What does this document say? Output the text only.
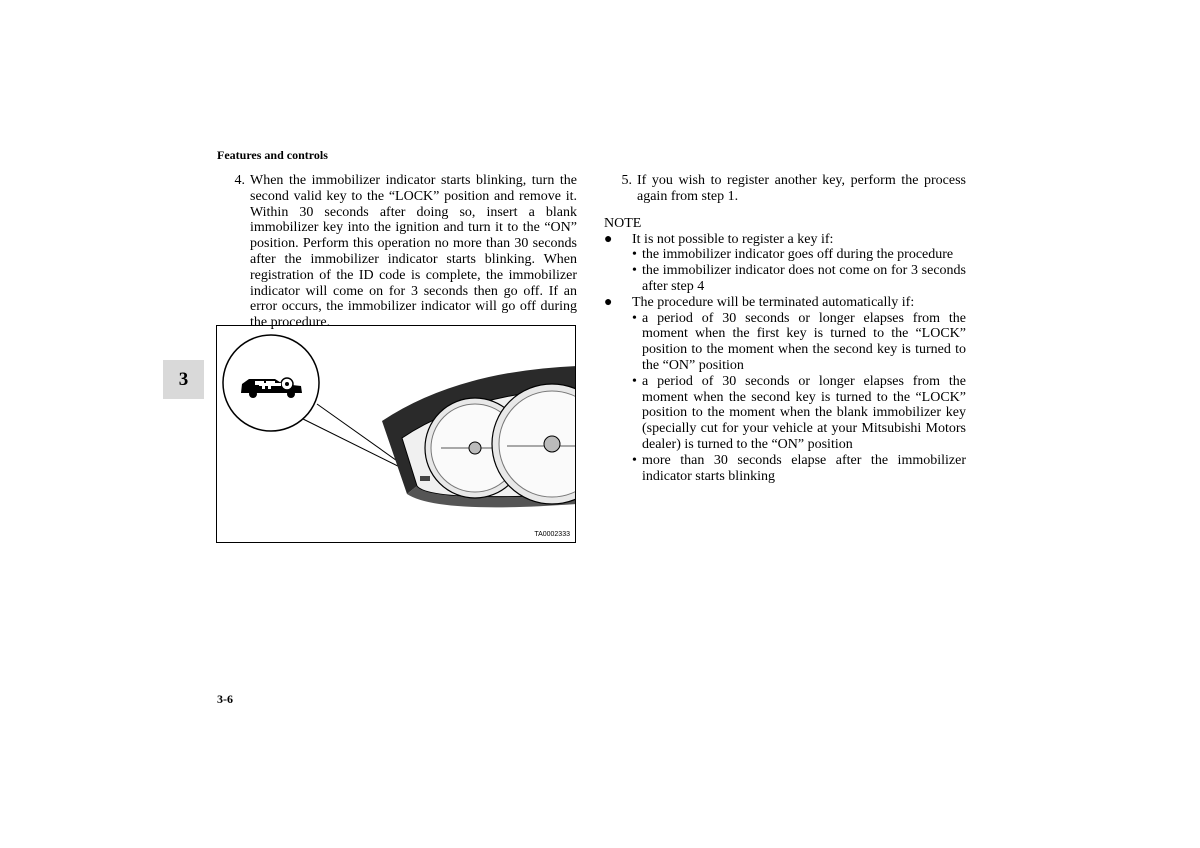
Features and controls
3
4. When the immobilizer indicator starts blinking, turn the second valid key to the “LOCK” position and remove it. Within 30 seconds after doing so, insert a blank immobilizer key into the ignition and turn it to the “ON” position. Perform this operation no more than 30 seconds after the immobilizer indicator starts blinking. When registration of the ID code is complete, the immobilizer indicator will come on for 3 seconds then go off. If an error occurs, the immobilizer indicator will go off during the procedure.
TA0002333
5. If you wish to register another key, perform the process again from step 1.
NOTE
●	It is not possible to register a key if:
• the immobilizer indicator goes off during the procedure
• the immobilizer indicator does not come on for 3 seconds after step 4
●	The procedure will be terminated automatically if:
• a period of 30 seconds or longer elapses from the moment when the first key is turned to the “LOCK” position to the moment when the second key is turned to the “ON” position
• a period of 30 seconds or longer elapses from the moment when the second key is turned to the “LOCK” position to the moment when the blank immobilizer key (specially cut for your vehicle at your Mitsubishi Motors dealer) is turned to the “ON” position
• more than 30 seconds elapse after the immobilizer indicator starts blinking
3-6
